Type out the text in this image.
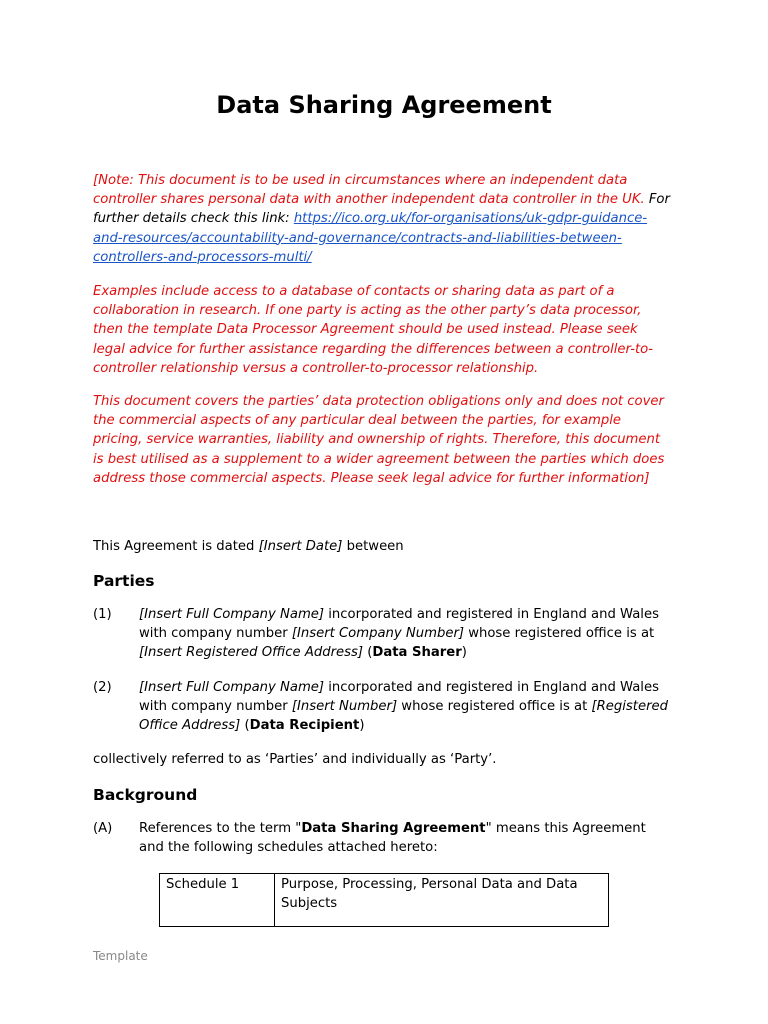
Data Sharing Agreement

[Note: This document is to be used in circumstances where an independent data controller shares personal data with another independent data controller in the UK. For further details check this link: https://ico.org.uk/for-organisations/uk-gdpr-guidance-and-resources/accountability-and-governance/contracts-and-liabilities-between-controllers-and-processors-multi/

Examples include access to a database of contacts or sharing data as part of a collaboration in research. If one party is acting as the other party’s data processor, then the template Data Processor Agreement should be used instead. Please seek legal advice for further assistance regarding the differences between a controller-to-controller relationship versus a controller-to-processor relationship.

This document covers the parties’ data protection obligations only and does not cover the commercial aspects of any particular deal between the parties, for example pricing, service warranties, liability and ownership of rights. Therefore, this document is best utilised as a supplement to a wider agreement between the parties which does address those commercial aspects. Please seek legal advice for further information]

This Agreement is dated [Insert Date] between

Parties
(1)	[Insert Full Company Name] incorporated and registered in England and Wales with company number [Insert Company Number] whose registered office is at [Insert Registered Office Address] (Data Sharer)
(2)	[Insert Full Company Name] incorporated and registered in England and Wales with company number [Insert Number] whose registered office is at [Registered Office Address] (Data Recipient)

collectively referred to as ‘Parties’ and individually as ‘Party’.

Background
(A)	References to the term "Data Sharing Agreement" means this Agreement and the following schedules attached hereto:
Schedule 1	Purpose, Processing, Personal Data and Data Subjects
Template
